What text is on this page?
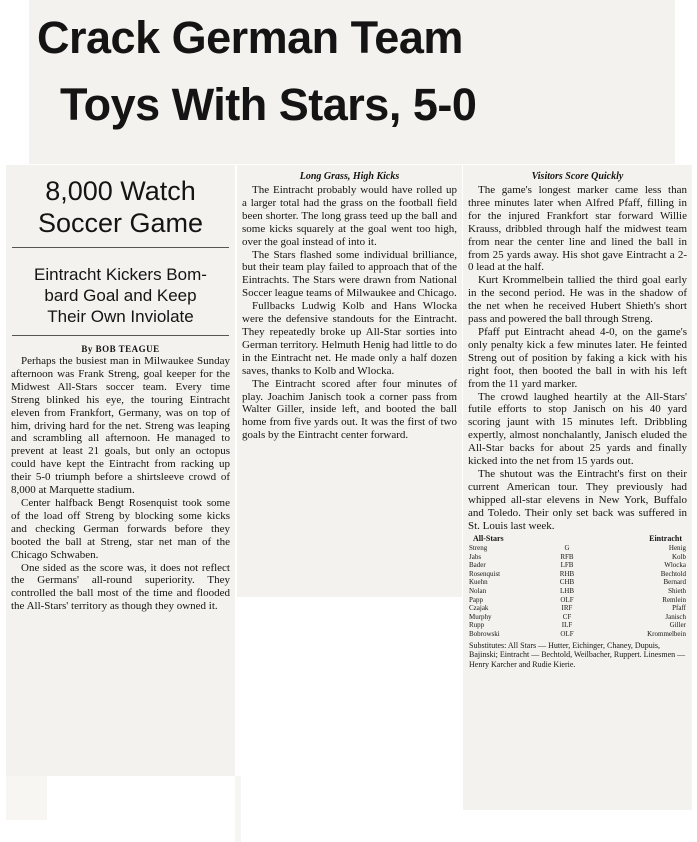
Crack German Team
Toys With Stars, 5-0
8,000 Watch
Soccer Game
Eintracht Kickers Bom-
bard Goal and Keep
Their Own Inviolate
By BOB TEAGUE

Perhaps the busiest man in Milwaukee Sunday afternoon was Frank Streng, goal keeper for the Midwest All-Stars soccer team. Every time Streng blinked his eye, the touring Eintracht eleven from Frankfort, Germany, was on top of him, driving hard for the net. Streng was leaping and scrambling all afternoon. He managed to prevent at least 21 goals, but only an octopus could have kept the Eintracht from racking up their 5-0 triumph before a shirtsleeve crowd of 8,000 at Marquette stadium.

Center halfback Bengt Rosenquist took some of the load off Streng by blocking some kicks and checking German forwards before they booted the ball at Streng, star net man of the Chicago Schwaben.

One sided as the score was, it does not reflect the Germans' all-round superiority. They controlled the ball most of the time and flooded the All-Stars' territory as though they owned it.

Long Grass, High Kicks

The Eintracht probably would have rolled up a larger total had the grass on the football field been shorter. The long grass teed up the ball and some kicks squarely at the goal went too high, over the goal instead of into it.

The Stars flashed some individual brilliance, but their team play failed to approach that of the Eintrachts. The Stars were drawn from National Soccer league teams of Milwaukee and Chicago.

Fullbacks Ludwig Kolb and Hans Wlocka were the defensive standouts for the Eintracht. They repeatedly broke up All-Star sorties into German territory. Helmuth Henig had little to do in the Eintracht net. He made only a half dozen saves, thanks to Kolb and Wlocka.

The Eintracht scored after four minutes of play. Joachim Janisch took a corner pass from Walter Giller, inside left, and booted the ball home from five yards out. It was the first of two goals by the Eintracht center forward.

Visitors Score Quickly

The game's longest marker came less than three minutes later when Alfred Pfaff, filling in for the injured Frankfort star forward Willie Krauss, dribbled through half the midwest team from near the center line and lined the ball in from 25 yards away. His shot gave Eintracht a 2-0 lead at the half.

Kurt Krommelbein tallied the third goal early in the second period. He was in the shadow of the net when he received Hubert Shieth's short pass and powered the ball through Streng.

Pfaff put Eintracht ahead 4-0, on the game's only penalty kick a few minutes later. He feinted Streng out of position by faking a kick with his right foot, then booted the ball in with his left from the 11 yard marker.

The crowd laughed heartily at the All-Stars' futile efforts to stop Janisch on his 40 yard scoring jaunt with 15 minutes left. Dribbling expertly, almost nonchalantly, Janisch eluded the All-Star backs for about 25 yards and finally kicked into the net from 15 yards out.

The shutout was the Eintracht's first on their current American tour. They previously had whipped all-star elevens in New York, Buffalo and Toledo. Their only set back was suffered in St. Louis last week.

All-Stars	Eintracht
Streng	G	Henig
Jabs	RFB	Kolb
Bader	LFB	Wlocka
Rosenquist	RHB	Bechtold
Kuehn	CHB	Bernard
Nolan	LHB	Shieth
Papp	OLF	Remlein
Czajak	IRF	Pfaff
Murphy	CF	Janisch
Rupp	ILF	Giller
Bobrowski	OLF	Krommelbein
Substitutes: All Stars — Hutter, Eichinger, Chaney, Dupuis, Bajinski; Eintracht — Bechtold, Weilbacher, Ruppert. Linesmen — Henry Karcher and Rudie Kierie.
